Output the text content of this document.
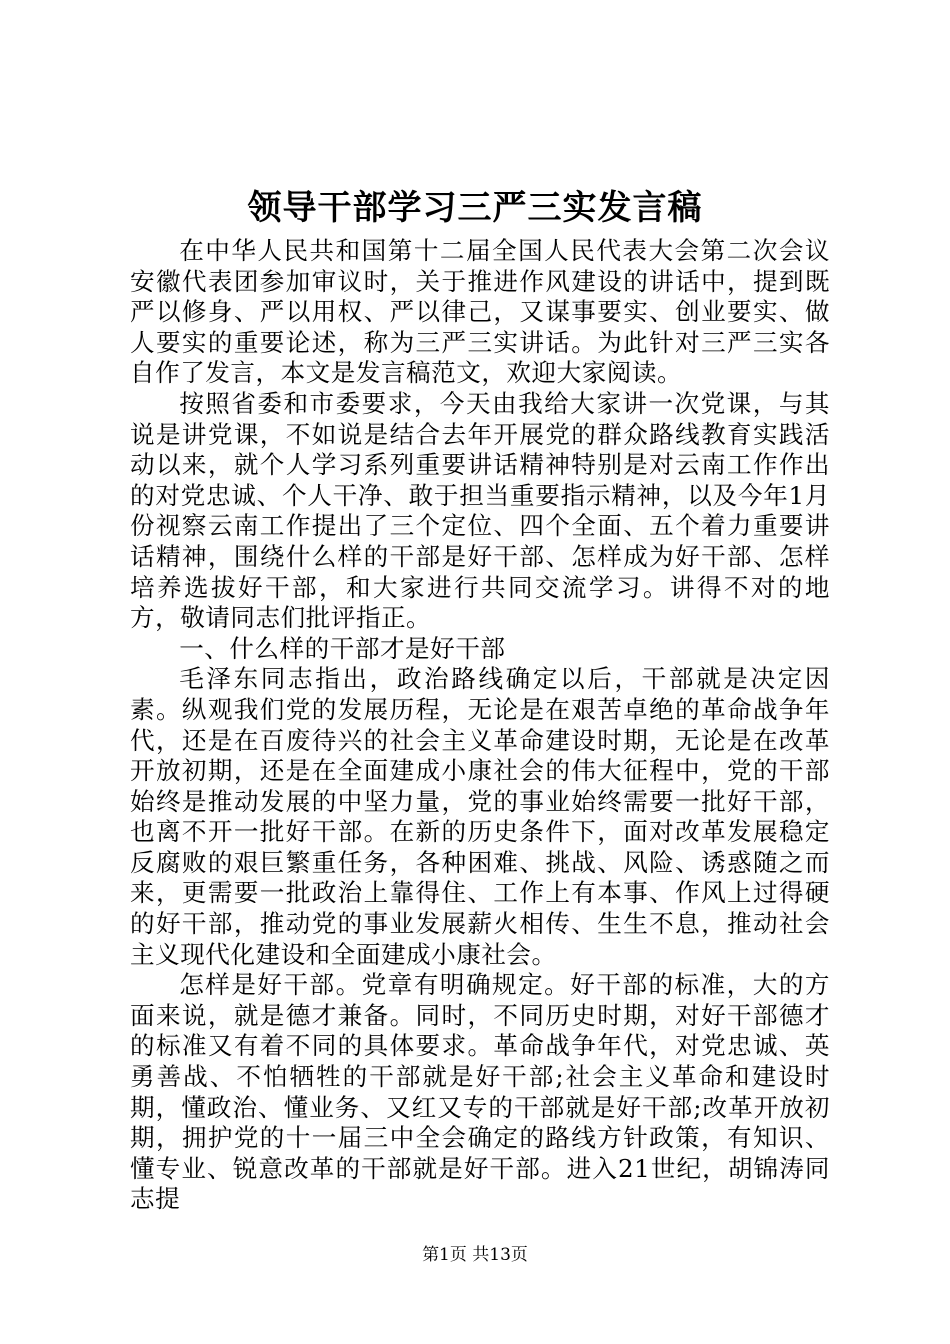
领导干部学习三严三实发言稿

在中华人民共和国第十二届全国人民代表大会第二次会议安徽代表团参加审议时，关于推进作风建设的讲话中，提到既严以修身、严以用权、严以律己，又谋事要实、创业要实、做人要实的重要论述，称为三严三实讲话。为此针对三严三实各自作了发言，本文是发言稿范文，欢迎大家阅读。

按照省委和市委要求，今天由我给大家讲一次党课，与其说是讲党课，不如说是结合去年开展党的群众路线教育实践活动以来，就个人学习系列重要讲话精神特别是对云南工作作出的对党忠诚、个人干净、敢于担当重要指示精神，以及今年1月份视察云南工作提出了三个定位、四个全面、五个着力重要讲话精神，围绕什么样的干部是好干部、怎样成为好干部、怎样培养选拔好干部，和大家进行共同交流学习。讲得不对的地方，敬请同志们批评指正。

一、什么样的干部才是好干部

毛泽东同志指出，政治路线确定以后，干部就是决定因素。纵观我们党的发展历程，无论是在艰苦卓绝的革命战争年代，还是在百废待兴的社会主义革命建设时期，无论是在改革开放初期，还是在全面建成小康社会的伟大征程中，党的干部始终是推动发展的中坚力量，党的事业始终需要一批好干部，也离不开一批好干部。在新的历史条件下，面对改革发展稳定反腐败的艰巨繁重任务，各种困难、挑战、风险、诱惑随之而来，更需要一批政治上靠得住、工作上有本事、作风上过得硬的好干部，推动党的事业发展薪火相传、生生不息，推动社会主义现代化建设和全面建成小康社会。

怎样是好干部。党章有明确规定。好干部的标准，大的方面来说，就是德才兼备。同时，不同历史时期，对好干部德才的标准又有着不同的具体要求。革命战争年代，对党忠诚、英勇善战、不怕牺牲的干部就是好干部;社会主义革命和建设时期，懂政治、懂业务、又红又专的干部就是好干部;改革开放初期，拥护党的十一届三中全会确定的路线方针政策，有知识、懂专业、锐意改革的干部就是好干部。进入21世纪，胡锦涛同志提

第1页 共13页
